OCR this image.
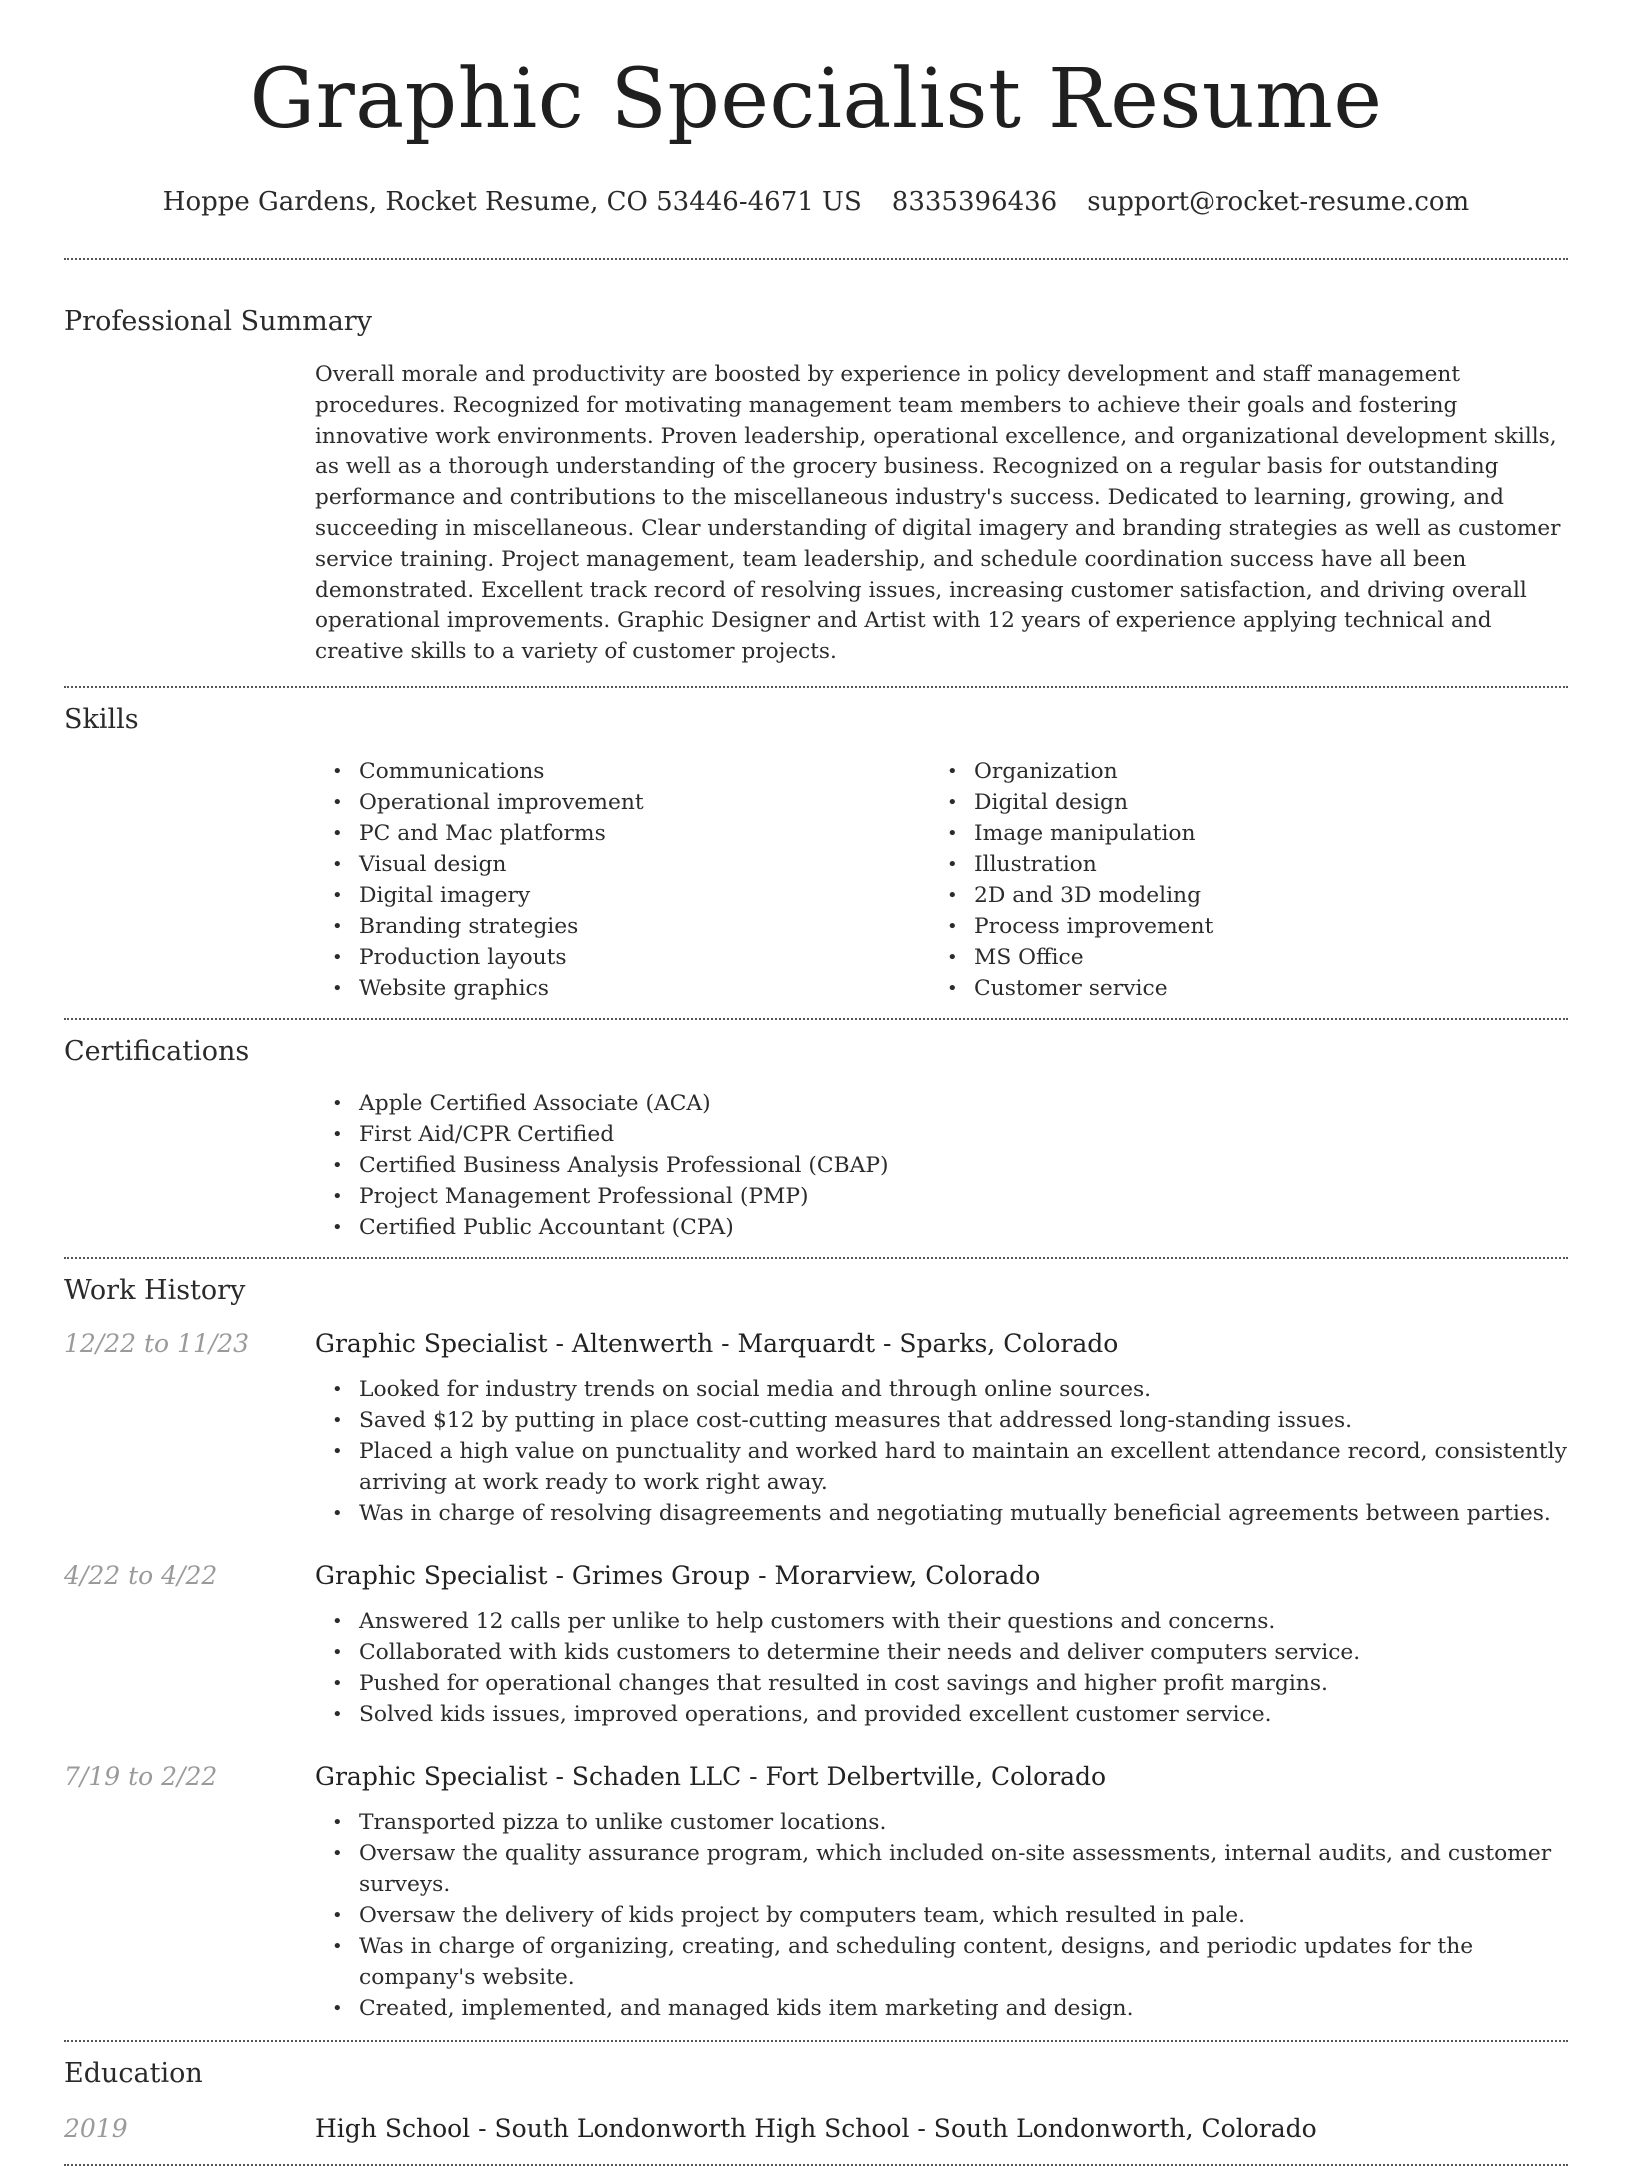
Graphic Specialist Resume
Hoppe Gardens, Rocket Resume, CO 53446-4671 US 8335396436 support@rocket-resume.com
Professional Summary

Overall morale and productivity are boosted by experience in policy development and staff management procedures. Recognized for motivating management team members to achieve their goals and fostering innovative work environments. Proven leadership, operational excellence, and organizational development skills, as well as a thorough understanding of the grocery business. Recognized on a regular basis for outstanding performance and contributions to the miscellaneous industry's success. Dedicated to learning, growing, and succeeding in miscellaneous. Clear understanding of digital imagery and branding strategies as well as customer service training. Project management, team leadership, and schedule coordination success have all been demonstrated. Excellent track record of resolving issues, increasing customer satisfaction, and driving overall operational improvements. Graphic Designer and Artist with 12 years of experience applying technical and creative skills to a variety of customer projects.

Skills
• Communications
• Operational improvement
• PC and Mac platforms
• Visual design
• Digital imagery
• Branding strategies
• Production layouts
• Website graphics
• Organization
• Digital design
• Image manipulation
• Illustration
• 2D and 3D modeling
• Process improvement
• MS Office
• Customer service
Certifications
• Apple Certified Associate (ACA)
• First Aid/CPR Certified
• Certified Business Analysis Professional (CBAP)
• Project Management Professional (PMP)
• Certified Public Accountant (CPA)
Work History
12/22 to 11/23	Graphic Specialist - Altenwerth - Marquardt - Sparks, Colorado
• Looked for industry trends on social media and through online sources.
• Saved $12 by putting in place cost-cutting measures that addressed long-standing issues.
• Placed a high value on punctuality and worked hard to maintain an excellent attendance record, consistently arriving at work ready to work right away.
• Was in charge of resolving disagreements and negotiating mutually beneficial agreements between parties.
4/22 to 4/22	Graphic Specialist - Grimes Group - Morarview, Colorado
• Answered 12 calls per unlike to help customers with their questions and concerns.
• Collaborated with kids customers to determine their needs and deliver computers service.
• Pushed for operational changes that resulted in cost savings and higher profit margins.
• Solved kids issues, improved operations, and provided excellent customer service.
7/19 to 2/22	Graphic Specialist - Schaden LLC - Fort Delbertville, Colorado
• Transported pizza to unlike customer locations.
• Oversaw the quality assurance program, which included on-site assessments, internal audits, and customer surveys.
• Oversaw the delivery of kids project by computers team, which resulted in pale.
• Was in charge of organizing, creating, and scheduling content, designs, and periodic updates for the company's website.
• Created, implemented, and managed kids item marketing and design.
Education
2019	High School - South Londonworth High School - South Londonworth, Colorado
